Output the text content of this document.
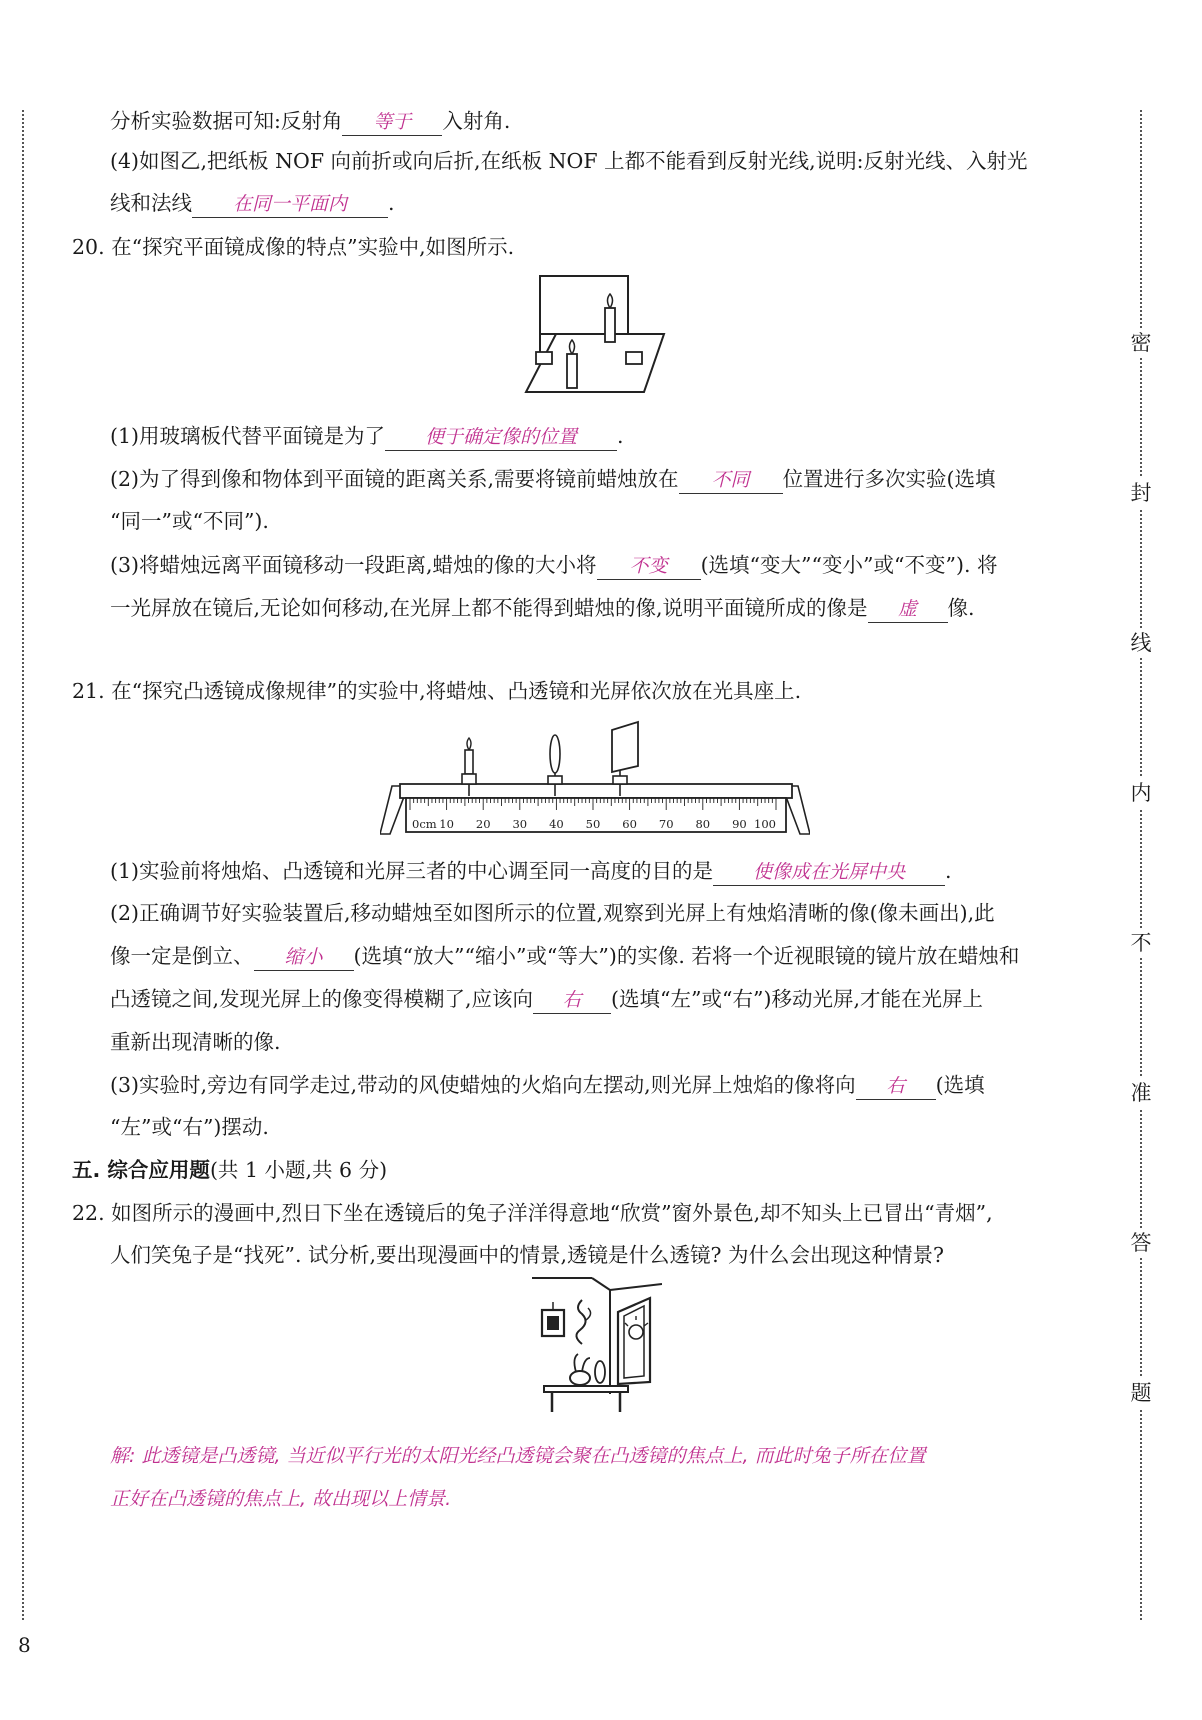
密
封
线
内
不
准
答
题
分析实验数据可知:反射角 等于 入射角.
(4)如图乙,把纸板 NOF 向前折或向后折,在纸板 NOF 上都不能看到反射光线,说明:反射光线、入射光
线和法线 在同一平面内 .
20. 在“探究平面镜成像的特点”实验中,如图所示.
(1)用玻璃板代替平面镜是为了 便于确定像的位置 .
(2)为了得到像和物体到平面镜的距离关系,需要将镜前蜡烛放在 不同 位置进行多次实验(选填
“同一”或“不同”).
(3)将蜡烛远离平面镜移动一段距离,蜡烛的像的大小将 不变 (选填“变大”“变小”或“不变”). 将
一光屏放在镜后,无论如何移动,在光屏上都不能得到蜡烛的像,说明平面镜所成的像是 虚 像.
21. 在“探究凸透镜成像规律”的实验中,将蜡烛、凸透镜和光屏依次放在光具座上.
0cm 10 20 30 40 50 60 70 80 90 100
(1)实验前将烛焰、凸透镜和光屏三者的中心调至同一高度的目的是 使像成在光屏中央 .
(2)正确调节好实验装置后,移动蜡烛至如图所示的位置,观察到光屏上有烛焰清晰的像(像未画出),此
像一定是倒立、 缩小 (选填“放大”“缩小”或“等大”)的实像. 若将一个近视眼镜的镜片放在蜡烛和
凸透镜之间,发现光屏上的像变得模糊了,应该向 右 (选填“左”或“右”)移动光屏,才能在光屏上
重新出现清晰的像.
(3)实验时,旁边有同学走过,带动的风使蜡烛的火焰向左摆动,则光屏上烛焰的像将向 右 (选填
“左”或“右”)摆动.
五. 综合应用题(共 1 小题,共 6 分)
22. 如图所示的漫画中,烈日下坐在透镜后的兔子洋洋得意地“欣赏”窗外景色,却不知头上已冒出“青烟”,
人们笑兔子是“找死”. 试分析,要出现漫画中的情景,透镜是什么透镜? 为什么会出现这种情景?
解: 此透镜是凸透镜, 当近似平行光的太阳光经凸透镜会聚在凸透镜的焦点上, 而此时兔子所在位置
正好在凸透镜的焦点上, 故出现以上情景.
8
